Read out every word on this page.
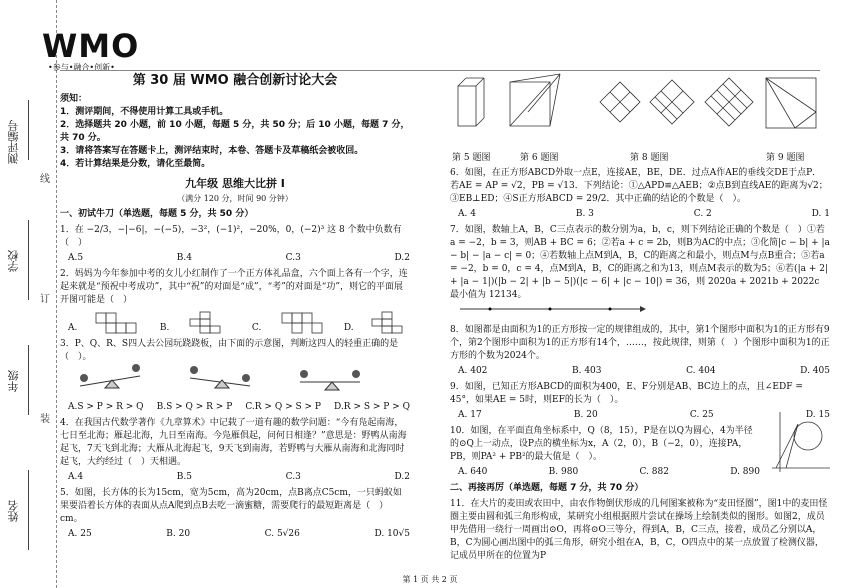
测评编号
学校
年级
姓名
线
订
装
WMO
•参与•融合•创新•
第 30 届 WMO 融合创新讨论大会
须知：
1．测评期间，不得使用计算工具或手机。
2．选择题共 20 小题，前 10 小题，每题 5 分，共 50 分；后 10 小题，每题 7 分，共 70 分。
3．请将答案写在答题卡上，测评结束时，本卷、答题卡及草稿纸会被收回。
4．若计算结果是分数，请化至最简。
九年级 思维大比拼 Ⅰ
（满分 120 分，时间 90 分钟）
一、初试牛刀（单选题，每题 5 分，共 50 分）
1．在 −2/3，−|−6|，−(−5)，−3²，(−1)²，−20%，0，(−2)³ 这 8 个数中负数有（　）
A.5	B.4	C.3	D.2
2．妈妈为今年参加中考的女儿小红制作了一个正方体礼品盒，六个面上各有一个字，连起来就是“预祝中考成功”，其中“祝”的对面是“成”，“考”的对面是“功”，则它的平面展开图可能是（　）
A.	B.	C.	D.
3．P、Q、R、S四人去公园玩跷跷板，由下面的示意图，判断这四人的轻重正确的是（　）。
A.S > P > R > Q B.S > Q > R > P C.R > Q > S > P D.R > S > P > Q
4．在我国古代数学著作《九章算术》中记载了一道有趣的数学问题：“今有凫起南海，七日至北海；雁起北海，九日至南海。今凫雁俱起，问何日相逢？”意思是：野鸭从南海起飞，7天飞到北海；大雁从北海起飞，9天飞到南海，若野鸭与大雁从南海和北海同时起飞，大约经过（　）天相遇。
A.4	B.5	C.3	D.2
5．如图，长方体的长为15cm，宽为5cm，高为20cm，点B离点C5cm，一只蚂蚁如果要沿着长方体的表面从点A爬到点B去吃一滴蜜糖，需要爬行的最短距离是（　）cm。
A. 25	B. 20	C. 5√26	D. 10√5
第 5 题图	第 6 题图	第 8 题图	第 9 题图
6．如图，在正方形ABCD外取一点E，连接AE，BE，DE．过点A作AE的垂线交DE于点P．若AE = AP = √2，PB = √13．下列结论：①△APD≌△AEB；②点B到直线AE的距离为√2；③EB⊥ED；④S正方形ABCD = 29/2．其中正确的结论的个数是（　）。
A. 4	B. 3	C. 2	D. 1
7．如图，数轴上A，B，C三点表示的数分别为a，b，c，则下列结论正确的个数是（　）①若a = −2，b = 3，则AB + BC = 6；②若a + c = 2b，则B为AC的中点；③化简|c − b| + |a − b| − |a − c| = 0；④若数轴上点M到A，B，C的距离之和最小，则点M与点B重合；⑤若a = −2，b = 0，c = 4，点M到A，B，C的距离之和为13，则点M表示的数为5；⑥若(|a + 2| + |a − 1|)(|b − 2| + |b − 5|)(|c − 6| + |c − 10|) = 36，则 2020a + 2021b + 2022c 最小值为 12134。
8．如图都是由面积为1的正方形按一定的规律组成的，其中，第1个图形中面积为1的正方形有9个，第2个图形中面积为1的正方形有14个，……，按此规律，则第（　）个图形中面积为1的正方形的个数为2024个。
A. 402	B. 403	C. 404	D. 405
9．如图，已知正方形ABCD的面积为400，E、F分别是AB、BC边上的点，且∠EDF = 45°，如果AE = 5时，则EF的长为（　）。
A. 17	B. 20	C. 25	D. 15
10．如图，在平面直角坐标系中，Q（8，15），P是在以Q为圆心，4为半径的⊙Q上一动点，设P点的横坐标为x，A（2，0），B（−2，0），连接PA，PB，则PA² + PB²的最大值是（　）。
A. 640	B. 980	C. 882	D. 890
二、再接再厉（单选题，每题 7 分，共 70 分）
11．在大片的麦田或农田中，由农作物倒伏形成的几何图案被称为“麦田怪圈”，图1中的麦田怪圈主要由圆和弧三角形构成，某研究小组根据照片尝试在操场上绘制类似的图形。如图2，成员甲先借用一绕行一周画出⊙O，再将⊙O三等分，得到A，B，C三点，接着，成员乙分别以A，B，C为圆心画出图中的弧三角形，研究小组在A，B，C，O四点中的某一点放置了检测仪器，记成员甲所在的位置为P
第 1 页 共 2 页
